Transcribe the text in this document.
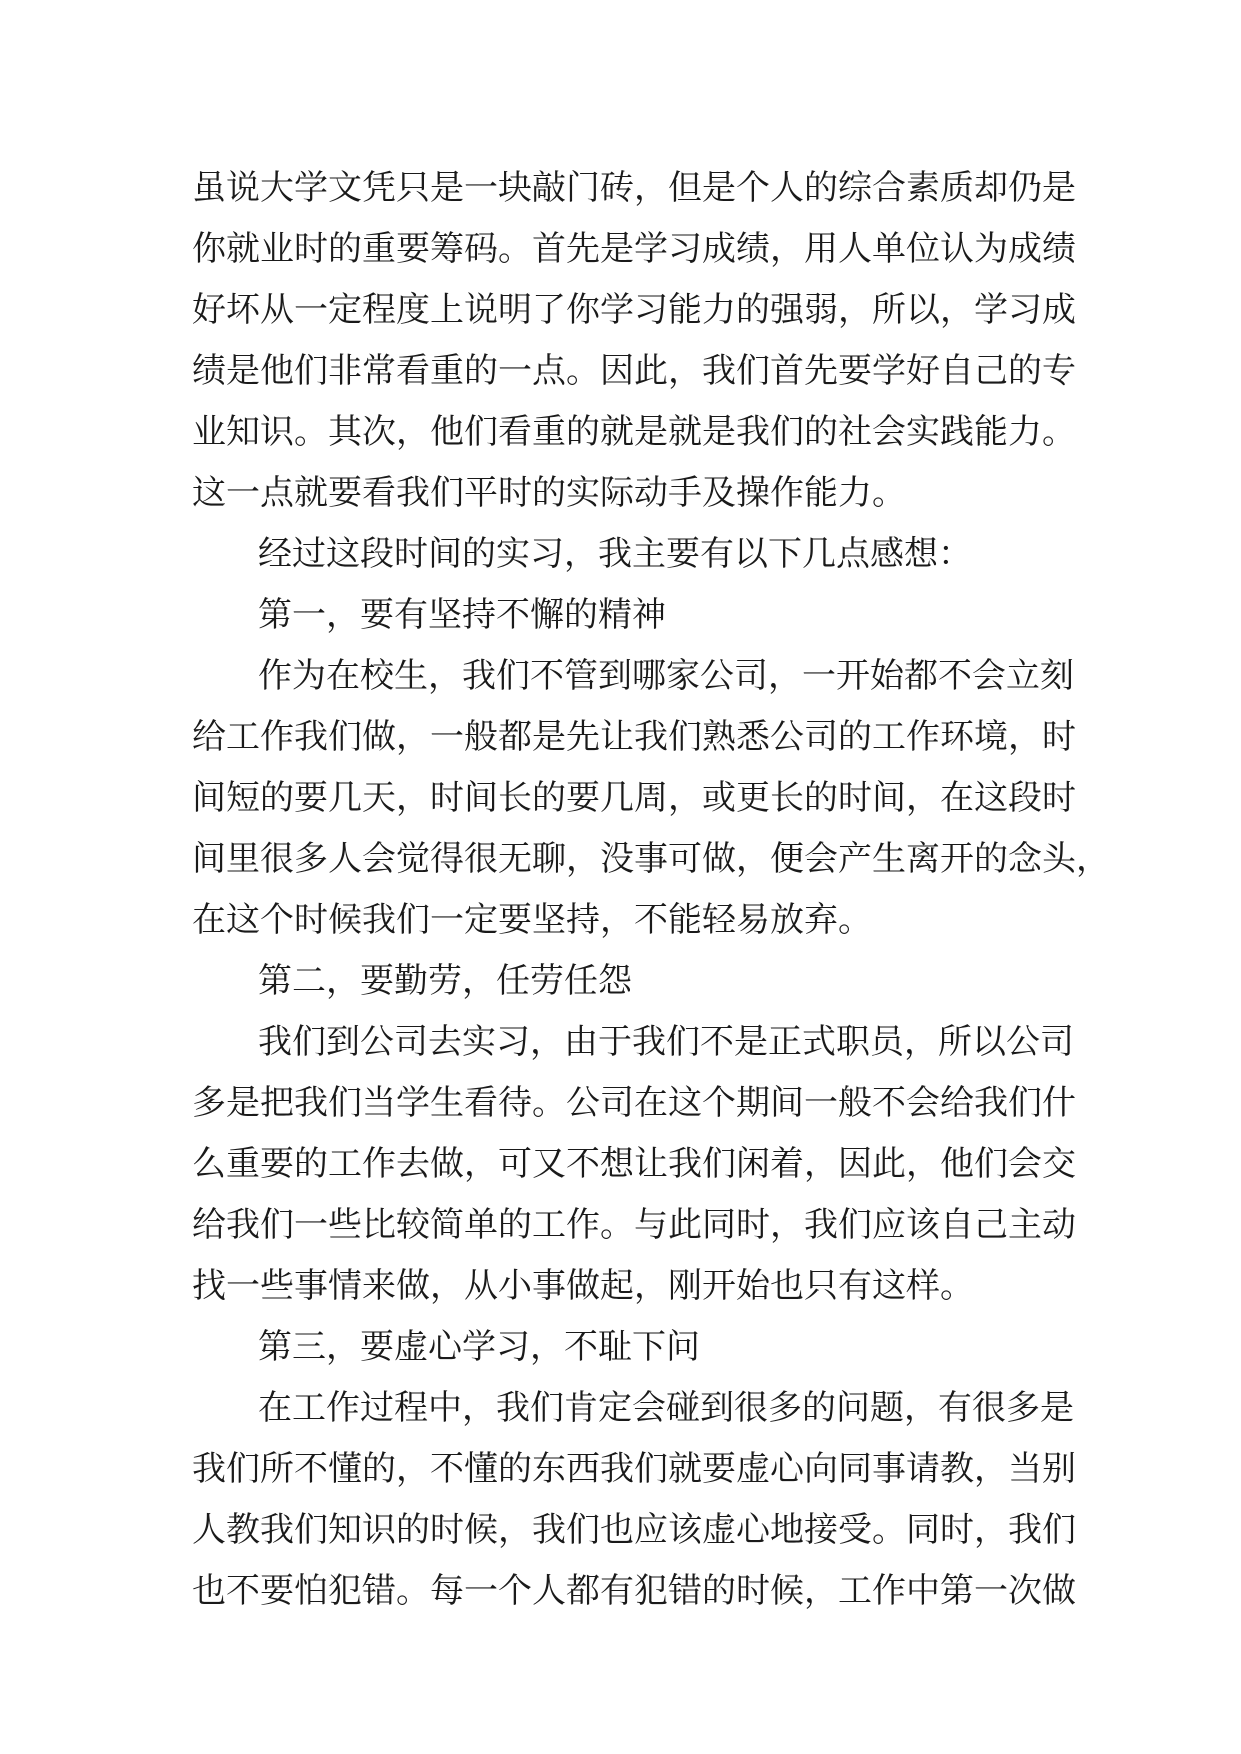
虽说大学文凭只是一块敲门砖，但是个人的综合素质却仍是
你就业时的重要筹码。首先是学习成绩，用人单位认为成绩
好坏从一定程度上说明了你学习能力的强弱，所以，学习成
绩是他们非常看重的一点。因此，我们首先要学好自己的专
业知识。其次，他们看重的就是就是我们的社会实践能力。
这一点就要看我们平时的实际动手及操作能力。
经过这段时间的实习，我主要有以下几点感想：
第一，要有坚持不懈的精神
作为在校生，我们不管到哪家公司，一开始都不会立刻
给工作我们做，一般都是先让我们熟悉公司的工作环境，时
间短的要几天，时间长的要几周，或更长的时间，在这段时
间里很多人会觉得很无聊，没事可做，便会产生离开的念头，
在这个时候我们一定要坚持，不能轻易放弃。
第二，要勤劳，任劳任怨
我们到公司去实习，由于我们不是正式职员，所以公司
多是把我们当学生看待。公司在这个期间一般不会给我们什
么重要的工作去做，可又不想让我们闲着，因此，他们会交
给我们一些比较简单的工作。与此同时，我们应该自己主动
找一些事情来做，从小事做起，刚开始也只有这样。
第三，要虚心学习，不耻下问
在工作过程中，我们肯定会碰到很多的问题，有很多是
我们所不懂的，不懂的东西我们就要虚心向同事请教，当别
人教我们知识的时候，我们也应该虚心地接受。同时，我们
也不要怕犯错。每一个人都有犯错的时候，工作中第一次做
